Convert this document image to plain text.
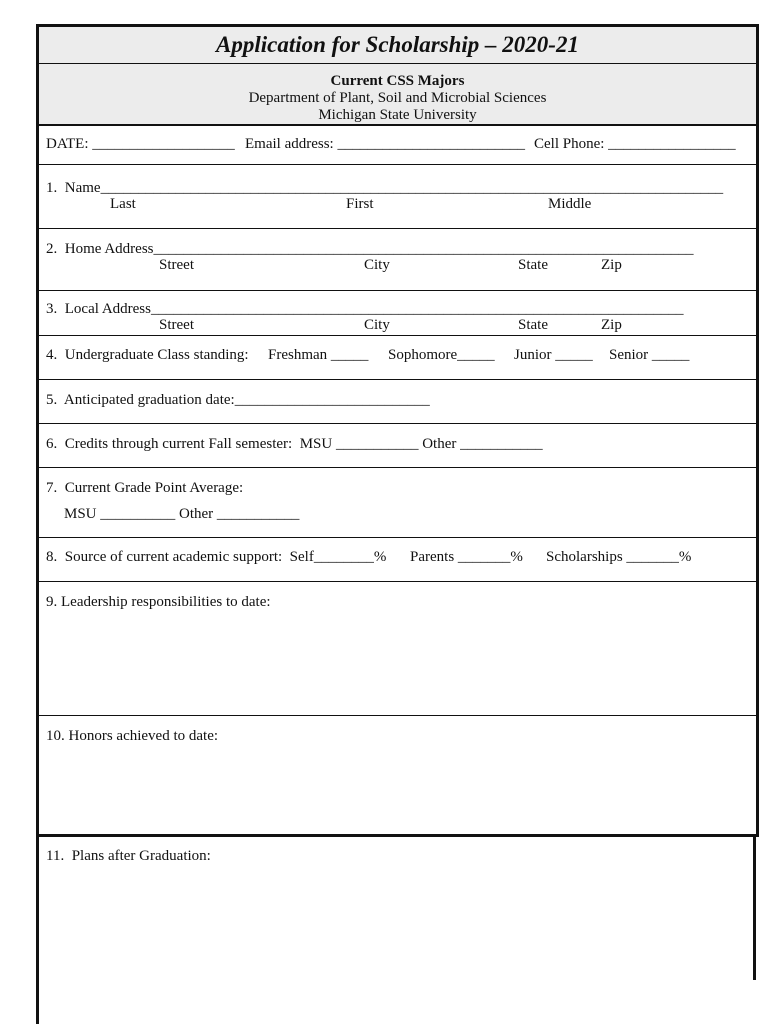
Application for Scholarship – 2020-21
Current CSS Majors
Department of Plant, Soil and Microbial Sciences
Michigan State University
DATE: ___________________ Email address: _________________________ Cell Phone: _________________
1.  Name___________________________________________________________________________________
Last	First	Middle
2.  Home Address________________________________________________________________________
Street	City	State	Zip
3.  Local Address_______________________________________________________________________
Street	City	State	Zip
4.  Undergraduate Class standing: Freshman _____ Sophomore_____ Junior _____ Senior _____
5.  Anticipated graduation date:__________________________
6.  Credits through current Fall semester:  MSU ___________ Other ___________
7.  Current Grade Point Average:
MSU __________ Other ___________
8.  Source of current academic support:  Self________% Parents _______% Scholarships _______%
9. Leadership responsibilities to date:
10. Honors achieved to date:
11.  Plans after Graduation:
